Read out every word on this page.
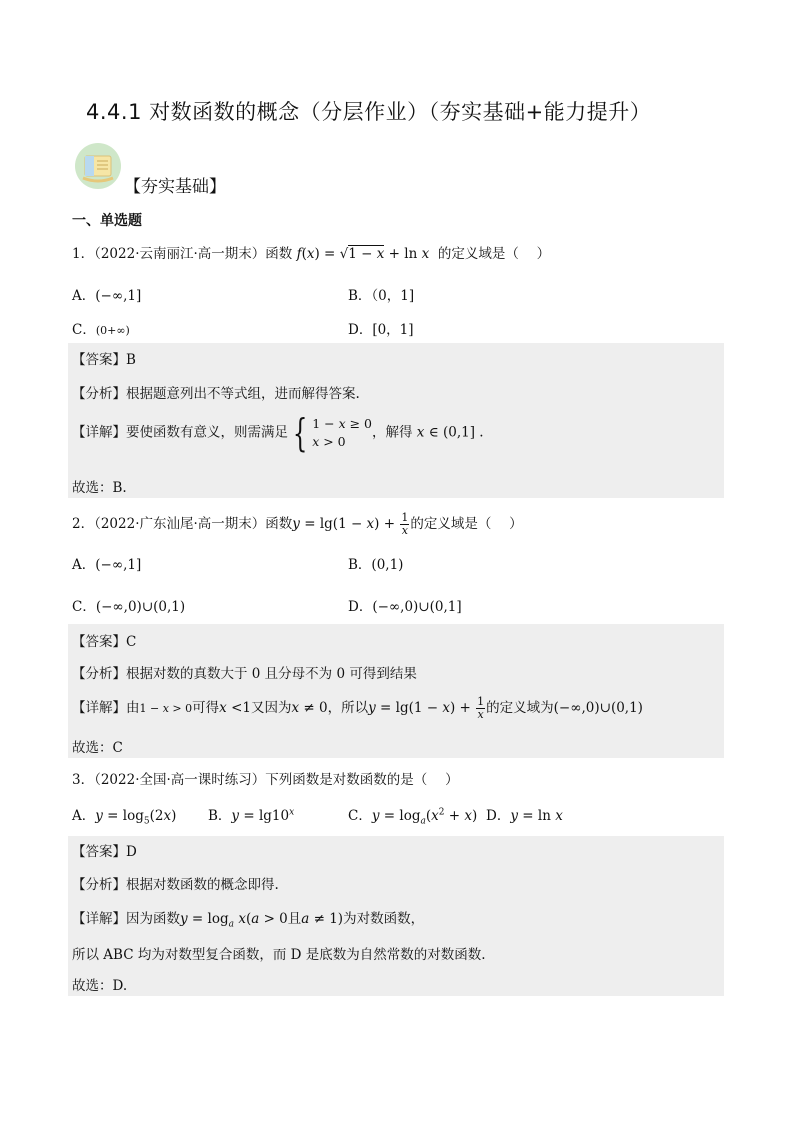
4.4.1 对数函数的概念（分层作业）（夯实基础+能力提升）
【夯实基础】
一、单选题
1．（2022·云南丽江·高一期末）函数 f(x) = √1 − x + ln x 的定义域是（　 ）
A．(−∞,1]	B．（0，1]
C．(0+∞)	D．[0，1]
【答案】B
【分析】根据题意列出不等式组，进而解得答案.
【详解】要使函数有意义，则需满足 { 1 − x ≥ 0
x > 0，解得 x ∈ (0,1] .
故选：B.
2．（2022·广东汕尾·高一期末）函数$y = \lg(1 - x) + \frac{1}{x}$ 的定义域是（　 ）
A．(−∞,1]	B．(0,1)
C．(−∞,0)∪(0,1)	D．(−∞,0)∪(0,1]
【答案】C
【分析】根据对数的真数大于 0 且分母不为 0 可得到结果
【详解】由1 − x > 0可得x <1又因为x ≠ 0，所以$y = \lg(1 - x) + \frac{1}{x}$ 的定义域为(−∞,0)∪(0,1)
故选：C
3．（2022·全国·高一课时练习）下列函数是对数函数的是（　 ）
A．$y = \log_5(2x)$ B．$y = \lg 10^x$	C．$y = \log_a(x^2 + x)$ D．y = ln x
【答案】D
【分析】根据对数函数的概念即得.
【详解】因为函数$y = \log_a x(a > 0$且a ≠ 1)为对数函数，
所以 ABC 均为对数型复合函数，而 D 是底数为自然常数的对数函数.
故选：D.
